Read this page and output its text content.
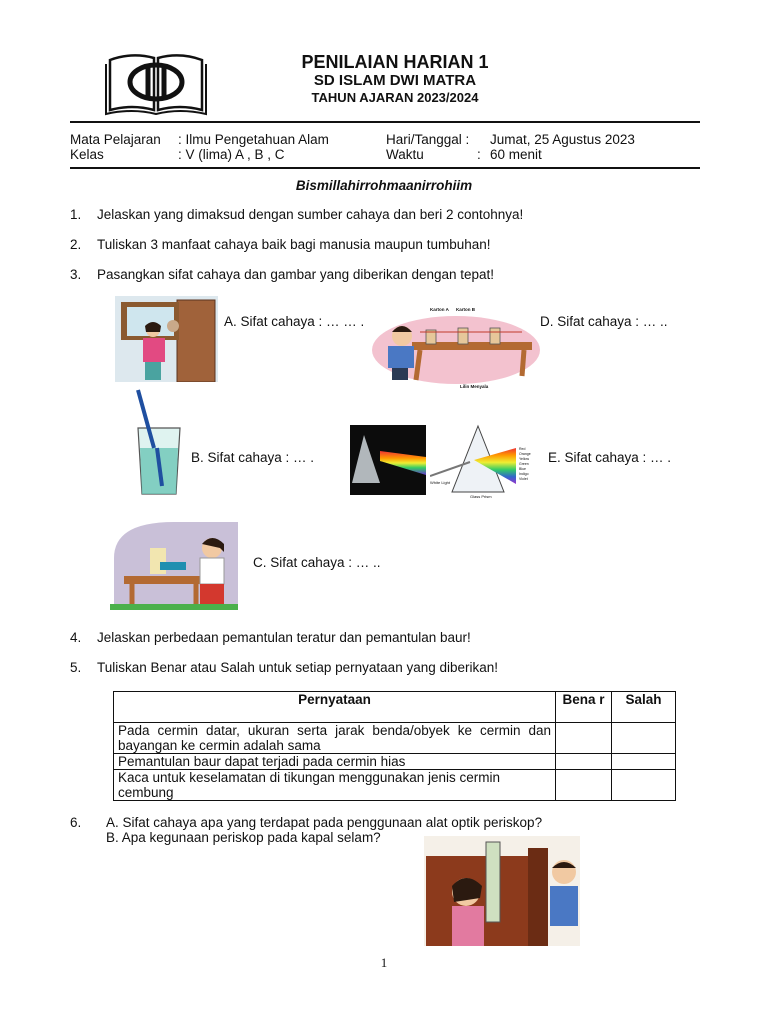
PENILAIAN HARIAN 1
SD ISLAM DWI MATRA
TAHUN AJARAN 2023/2024
Mata Pelajaran : Ilmu Pengetahuan Alam
Kelas	: V (lima) A , B , C
Hari/Tanggal : Jumat, 25 Agustus 2023
Waktu	: 60 menit
Bismillahirrohmaanirrohiim
1. Jelaskan yang dimaksud dengan sumber cahaya dan beri 2 contohnya!
2. Tuliskan 3 manfaat cahaya baik bagi manusia maupun tumbuhan!
3. Pasangkan sifat cahaya dan gambar yang diberikan dengan tepat!
A. Sifat cahaya : … … .
Karton A Karton B
Lilin Menyala
D. Sifat cahaya : … ..
B. Sifat cahaya : … .
White Light
Glass Prism
Red
Orange
Yellow
Green
Blue
Indigo
Violet
E. Sifat cahaya : … .
C. Sifat cahaya : … ..
4. Jelaskan perbedaan pemantulan teratur dan pemantulan baur!
5. Tuliskan Benar atau Salah untuk setiap pernyataan yang diberikan!
Pernyataan	Bena r	Salah
Pada cermin datar, ukuran serta jarak benda/obyek ke cermin dan bayangan ke cermin adalah sama		
Pemantulan baur dapat terjadi pada cermin hias		
Kaca untuk keselamatan di tikungan menggunakan jenis cermin cembung		
6. A. Sifat cahaya apa yang terdapat pada penggunaan alat optik periskop?
B. Apa kegunaan periskop pada kapal selam?
1
